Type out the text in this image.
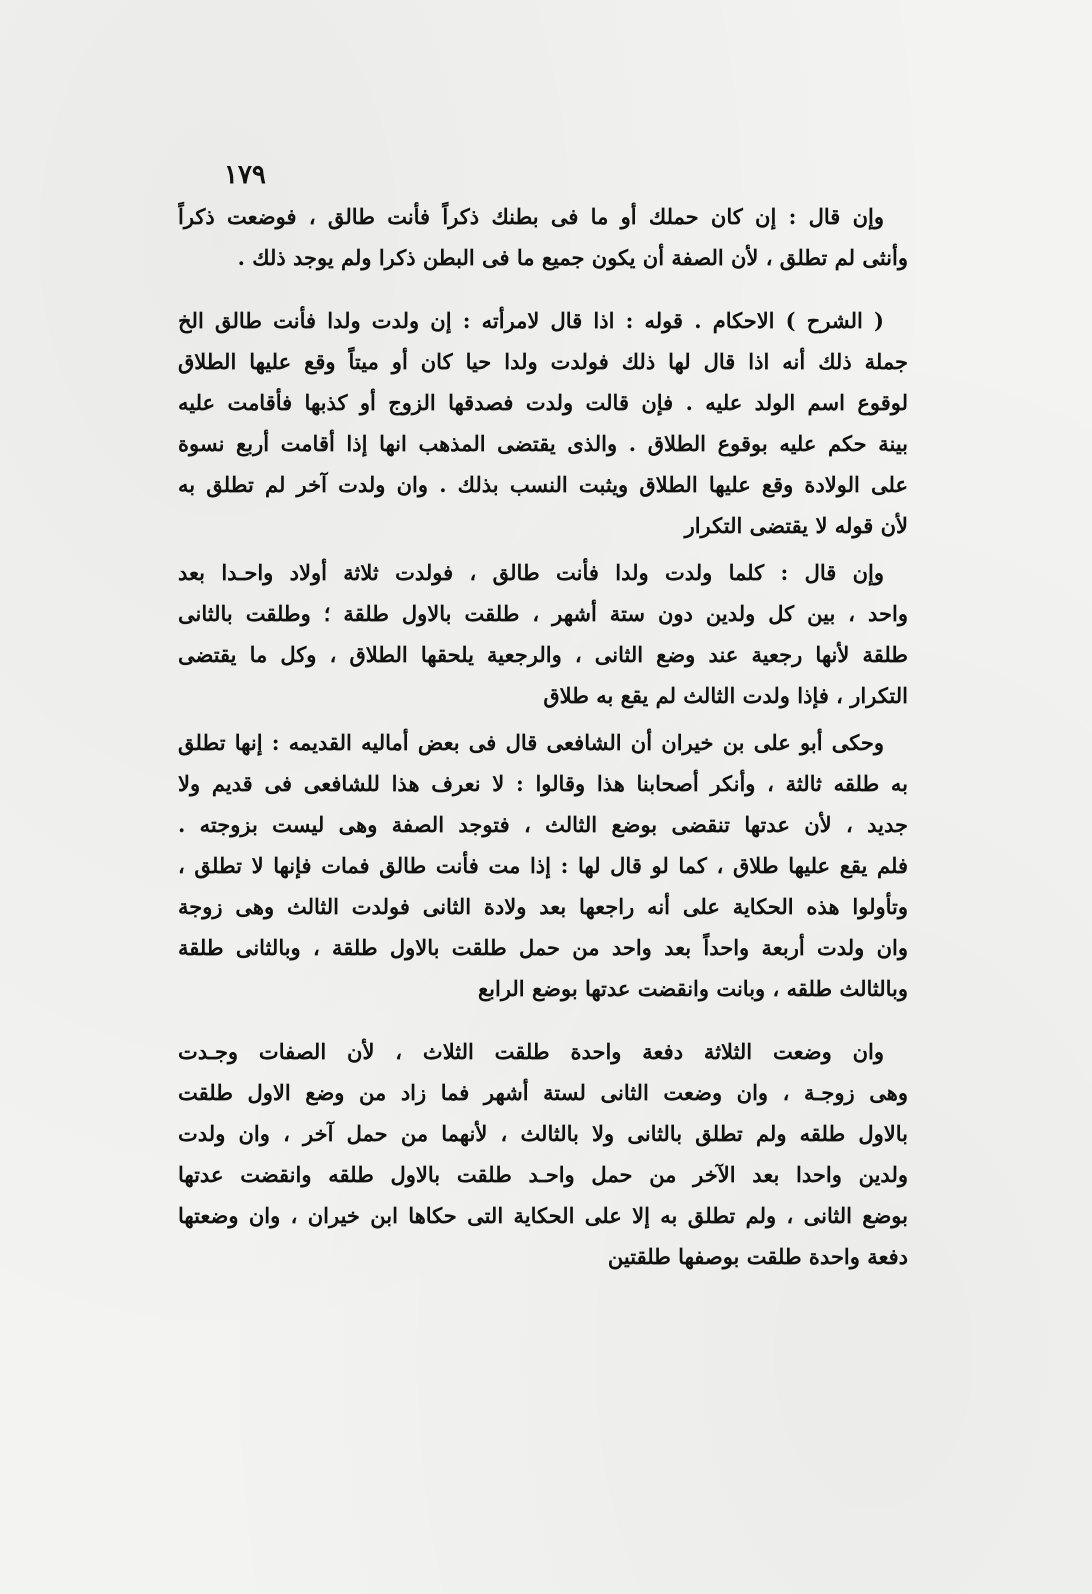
١٧٩
وإن قال : إن كان حملك أو ما فى بطنك ذكراً فأنت طالق ، فوضعت ذكراً
وأنثى لم تطلق ، لأن الصفة أن يكون جميع ما فى البطن ذكرا ولم يوجد ذلك .
( الشرح ) الاحكام . قوله : اذا قال لامرأته : إن ولدت ولدا فأنت طالق الخ
جملة ذلك أنه اذا قال لها ذلك فولدت ولدا حيا كان أو ميتاً وقع عليها الطلاق
لوقوع اسم الولد عليه . فإن قالت ولدت فصدقها الزوج أو كذبها فأقامت عليه
بينة حكم عليه بوقوع الطلاق . والذى يقتضى المذهب انها إذا أقامت أربع نسوة
على الولادة وقع عليها الطلاق ويثبت النسب بذلك . وان ولدت آخر لم تطلق به
لأن قوله لا يقتضى التكرار
وإن قال : كلما ولدت ولدا فأنت طالق ، فولدت ثلاثة أولاد واحـدا بعد
واحد ، بين كل ولدين دون ستة أشهر ، طلقت بالاول طلقة ؛ وطلقت بالثانى
طلقة لأنها رجعية عند وضع الثانى ، والرجعية يلحقها الطلاق ، وكل ما يقتضى
التكرار ، فإذا ولدت الثالث لم يقع به طلاق
وحكى أبو على بن خيران أن الشافعى قال فى بعض أماليه القديمه : إنها تطلق
به طلقه ثالثة ، وأنكر أصحابنا هذا وقالوا : لا نعرف هذا للشافعى فى قديم ولا
جديد ، لأن عدتها تنقضى بوضع الثالث ، فتوجد الصفة وهى ليست بزوجته .
فلم يقع عليها طلاق ، كما لو قال لها : إذا مت فأنت طالق فمات فإنها لا تطلق ،
وتأولوا هذه الحكاية على أنه راجعها بعد ولادة الثانى فولدت الثالث وهى زوجة
وان ولدت أربعة واحداً بعد واحد من حمل طلقت بالاول طلقة ، وبالثانى طلقة
وبالثالث طلقه ، وبانت وانقضت عدتها بوضع الرابع
وان وضعت الثلاثة دفعة واحدة طلقت الثلاث ، لأن الصفات وجـدت
وهى زوجـة ، وان وضعت الثانى لستة أشهر فما زاد من وضع الاول طلقت
بالاول طلقه ولم تطلق بالثانى ولا بالثالث ، لأنهما من حمل آخر ، وان ولدت
ولدين واحدا بعد الآخر من حمل واحـد طلقت بالاول طلقه وانقضت عدتها
بوضع الثانى ، ولم تطلق به إلا على الحكاية التى حكاها ابن خيران ، وان وضعتها
دفعة واحدة طلقت بوصفها طلقتين
